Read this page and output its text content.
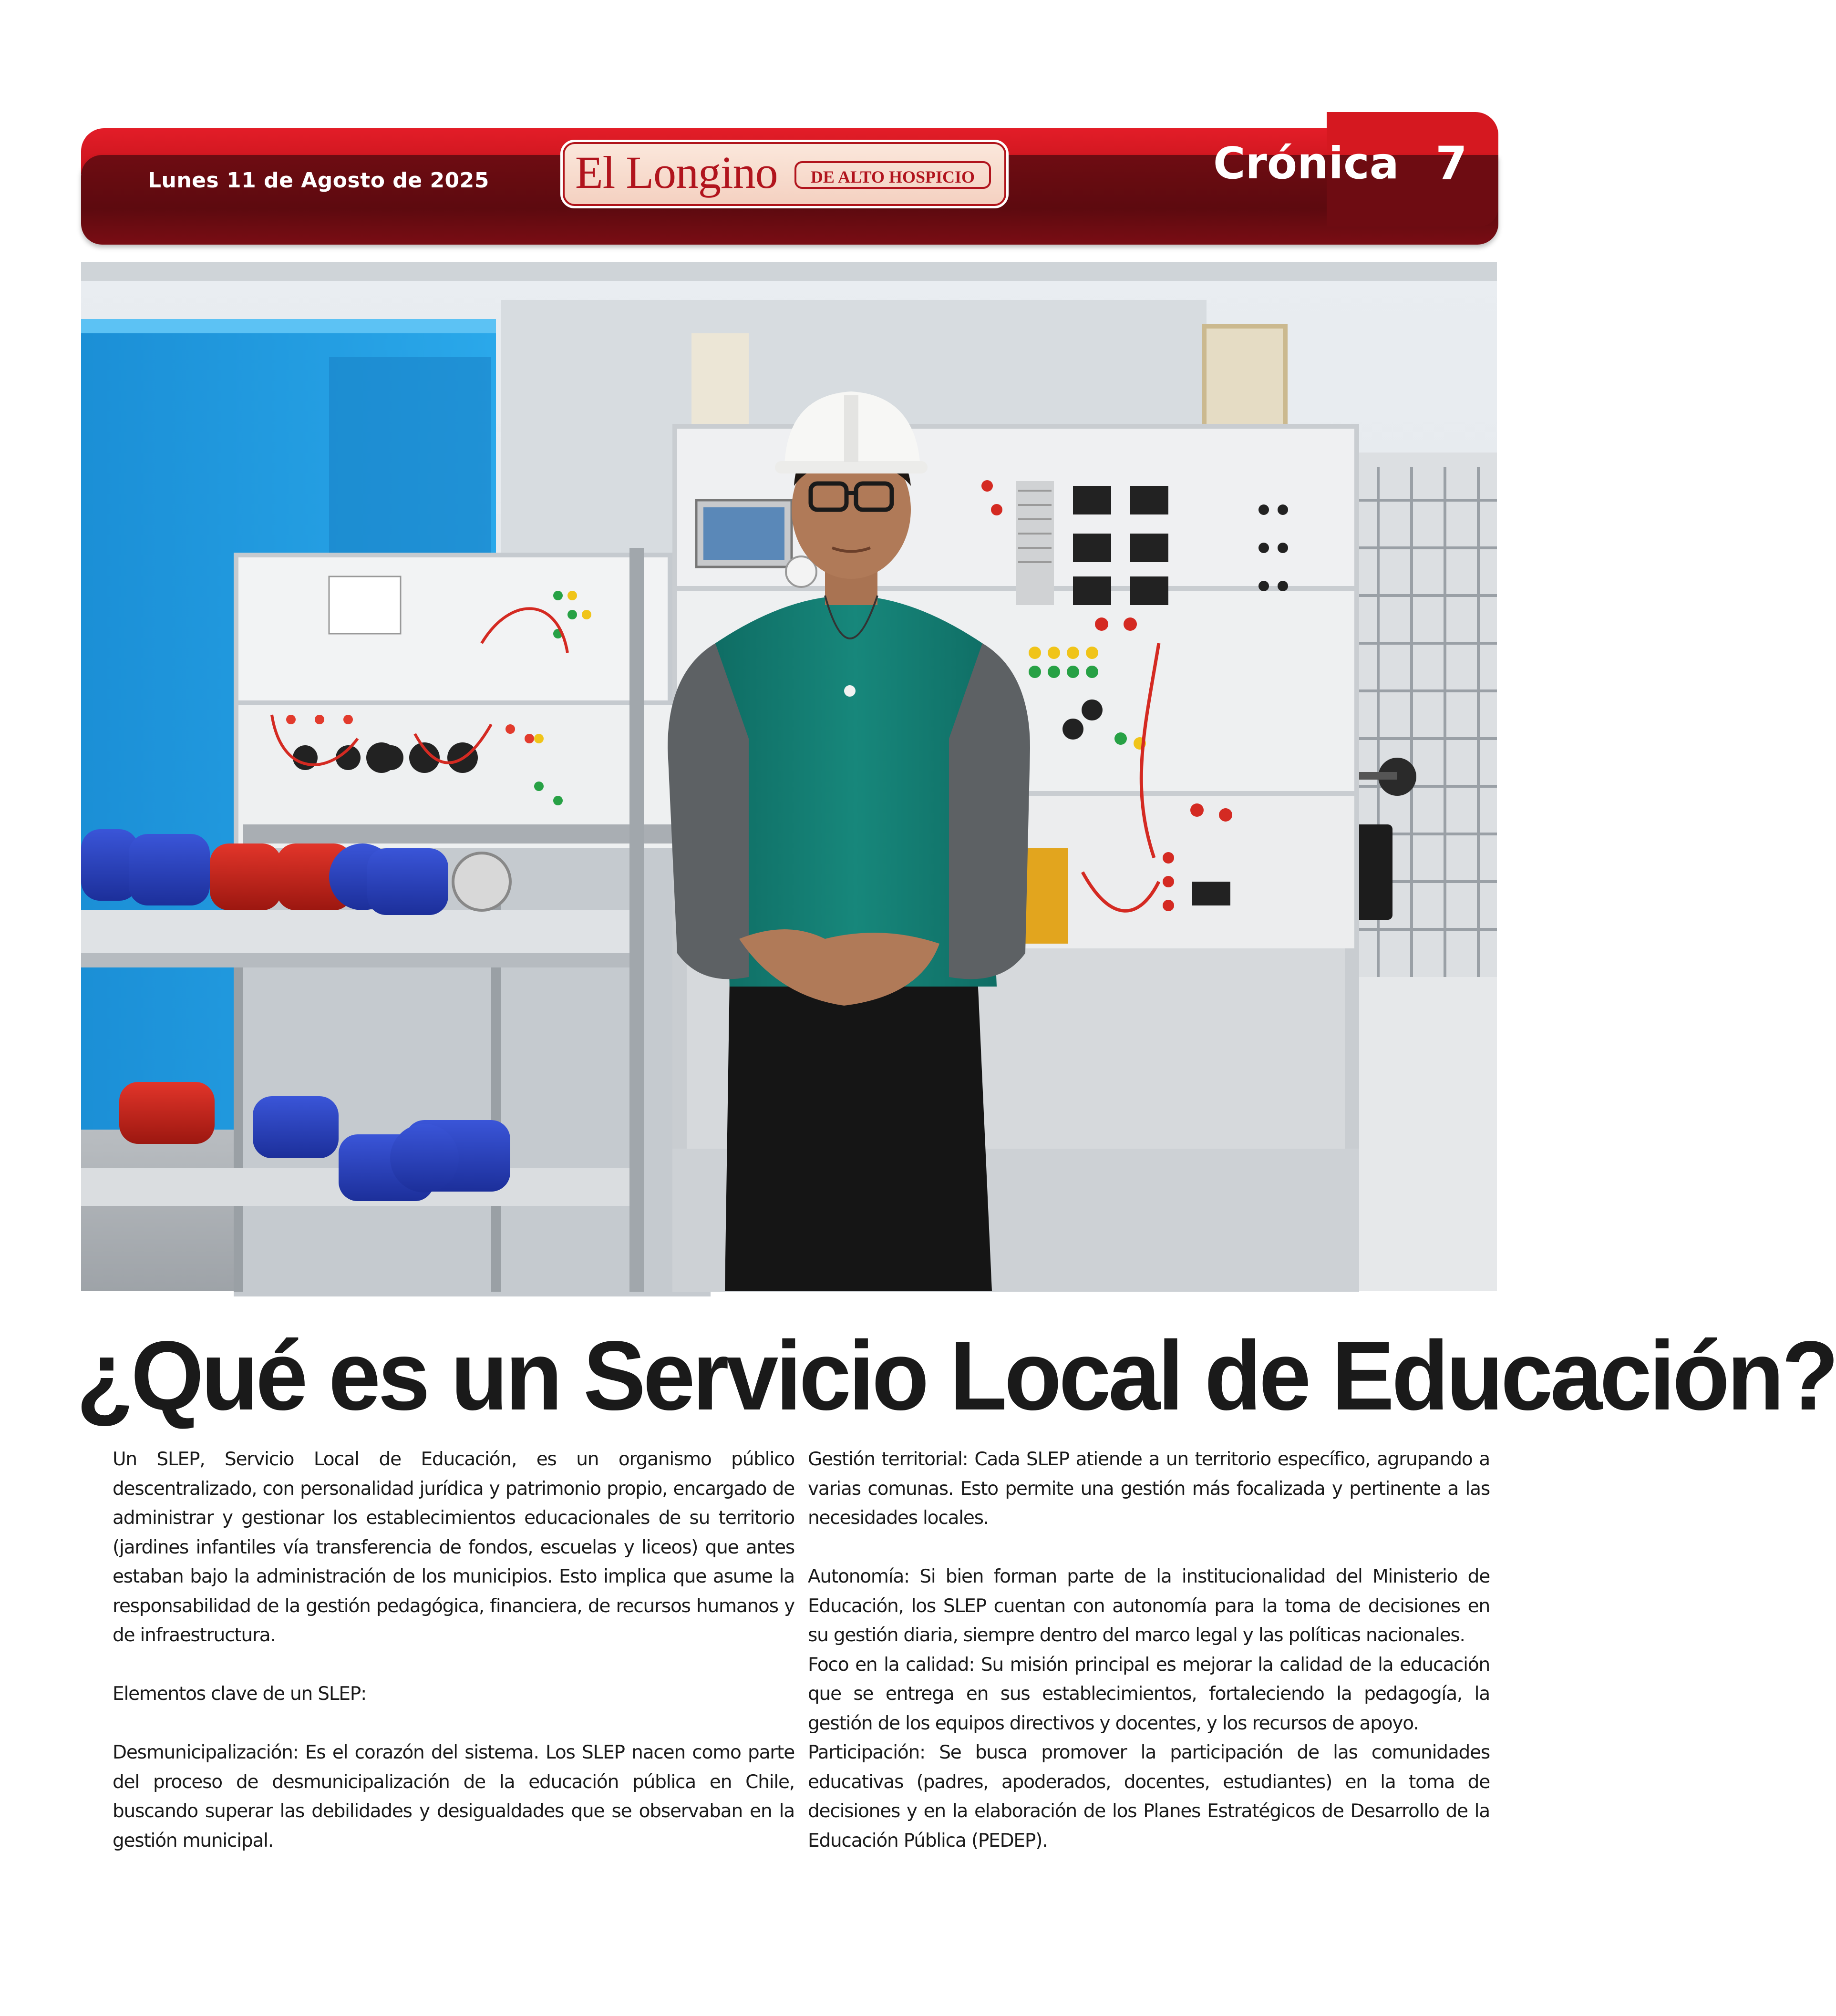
Lunes 11 de Agosto de 2025 El Longino	DE ALTO HOSPICIO	Crónica 7
¿Qué es un Servicio Local de Educación?

Un SLEP, Servicio Local de Educación, es un organismo público descentralizado, con personalidad jurídica y patrimonio propio, encargado de administrar y gestionar los establecimientos educacionales de su territorio (jardines infantiles vía transferencia de fondos, escuelas y liceos) que antes estaban bajo la administración de los municipios. Esto implica que asume la responsabilidad de la gestión pedagógica, financiera, de recursos humanos y de infraestructura.

Elementos clave de un SLEP:

Desmunicipalización: Es el corazón del sistema. Los SLEP nacen como parte del proceso de desmunicipalización de la educación pública en Chile, buscando superar las debilidades y desigualdades que se observaban en la gestión municipal.

Gestión territorial: Cada SLEP atiende a un territorio específico, agrupando a varias comunas. Esto permite una gestión más focalizada y pertinente a las necesidades locales.

Autonomía: Si bien forman parte de la institucionalidad del Ministerio de Educación, los SLEP cuentan con autonomía para la toma de decisiones en su gestión diaria, siempre dentro del marco legal y las políticas nacionales.

Foco en la calidad: Su misión principal es mejorar la calidad de la educación que se entrega en sus establecimientos, fortaleciendo la pedagogía, la gestión de los equipos directivos y docentes, y los recursos de apoyo.

Participación: Se busca promover la participación de las comunidades educativas (padres, apoderados, docentes, estudiantes) en la toma de decisiones y en la elaboración de los Planes Estratégicos de Desarrollo de la Educación Pública (PEDEP).
